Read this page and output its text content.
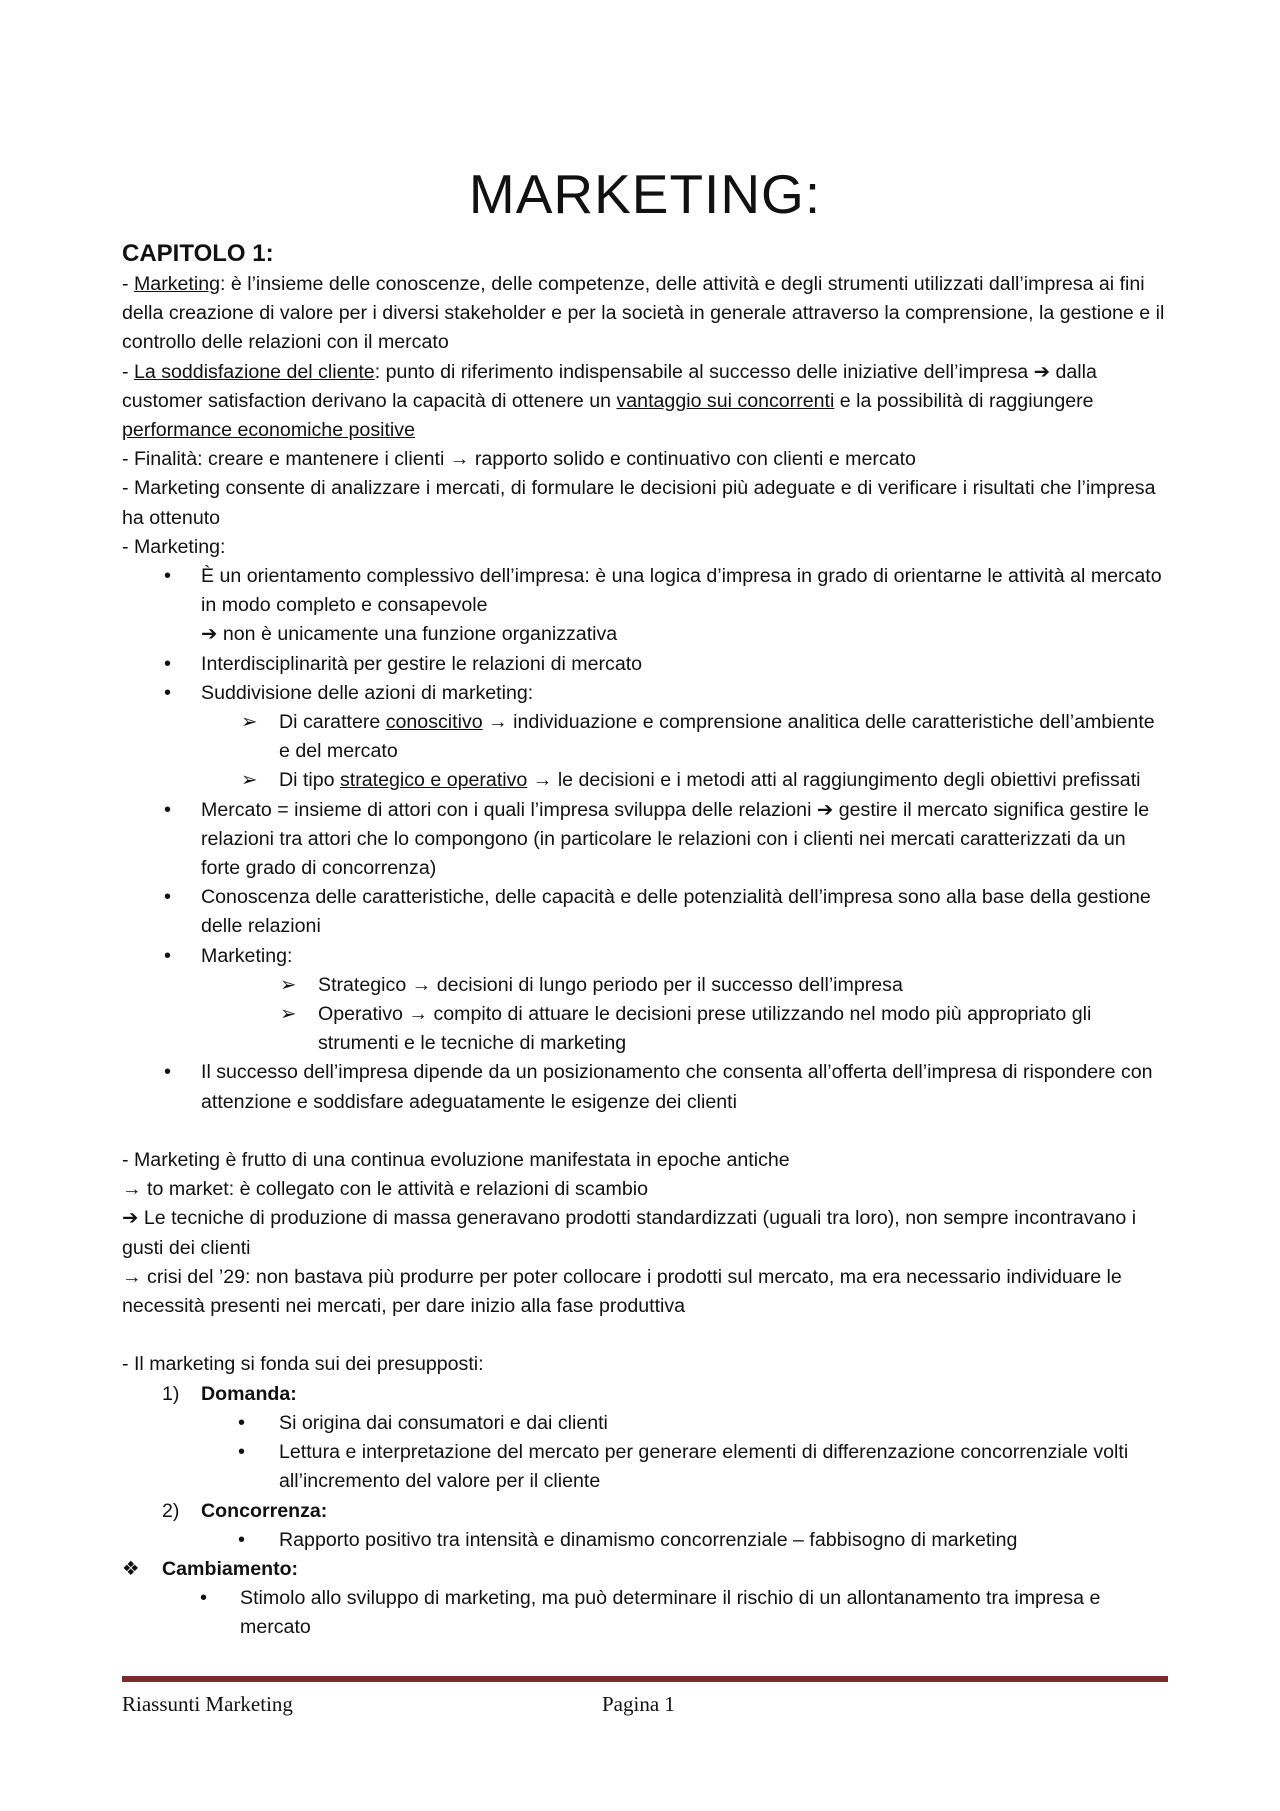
MARKETING:

CAPITOLO 1:

- Marketing: è l’insieme delle conoscenze, delle competenze, delle attività e degli strumenti utilizzati dall’impresa ai fini della creazione di valore per i diversi stakeholder e per la società in generale attraverso la comprensione, la gestione e il controllo delle relazioni con il mercato

- La soddisfazione del cliente: punto di riferimento indispensabile al successo delle iniziative dell’impresa ➔ dalla customer satisfaction derivano la capacità di ottenere un vantaggio sui concorrenti e la possibilità di raggiungere performance economiche positive

- Finalità: creare e mantenere i clienti → rapporto solido e continuativo con clienti e mercato

- Marketing consente di analizzare i mercati, di formulare le decisioni più adeguate e di verificare i risultati che l’impresa ha ottenuto

- Marketing:

•	È un orientamento complessivo dell’impresa: è una logica d’impresa in grado di orientarne le attività al mercato in modo completo e consapevole
➔ non è unicamente una funzione organizzativa
•	Interdisciplinarità per gestire le relazioni di mercato
•	Suddivisione delle azioni di marketing:
➢	Di carattere conoscitivo → individuazione e comprensione analitica delle caratteristiche dell’ambiente e del mercato
➢	Di tipo strategico e operativo → le decisioni e i metodi atti al raggiungimento degli obiettivi prefissati
•	Mercato = insieme di attori con i quali l’impresa sviluppa delle relazioni ➔ gestire il mercato significa gestire le relazioni tra attori che lo compongono (in particolare le relazioni con i clienti nei mercati caratterizzati da un forte grado di concorrenza)
•	Conoscenza delle caratteristiche, delle capacità e delle potenzialità dell’impresa sono alla base della gestione delle relazioni
•	Marketing:
➢	Strategico → decisioni di lungo periodo per il successo dell’impresa
➢	Operativo → compito di attuare le decisioni prese utilizzando nel modo più appropriato gli strumenti e le tecniche di marketing
•	Il successo dell’impresa dipende da un posizionamento che consenta all’offerta dell’impresa di rispondere con attenzione e soddisfare adeguatamente le esigenze dei clienti

- Marketing è frutto di una continua evoluzione manifestata in epoche antiche

→ to market: è collegato con le attività e relazioni di scambio

➔ Le tecniche di produzione di massa generavano prodotti standardizzati (uguali tra loro), non sempre incontravano i gusti dei clienti

→ crisi del ’29: non bastava più produrre per poter collocare i prodotti sul mercato, ma era necessario individuare le necessità presenti nei mercati, per dare inizio alla fase produttiva

- Il marketing si fonda sui dei presupposti:

1)	Domanda:
•	Si origina dai consumatori e dai clienti
•	Lettura e interpretazione del mercato per generare elementi di differenzazione concorrenziale volti all’incremento del valore per il cliente
2)	Concorrenza:
•	Rapporto positivo tra intensità e dinamismo concorrenziale – fabbisogno di marketing
❖	Cambiamento:
•	Stimolo allo sviluppo di marketing, ma può determinare il rischio di un allontanamento tra impresa e mercato
Riassunti Marketing	Pagina 1
